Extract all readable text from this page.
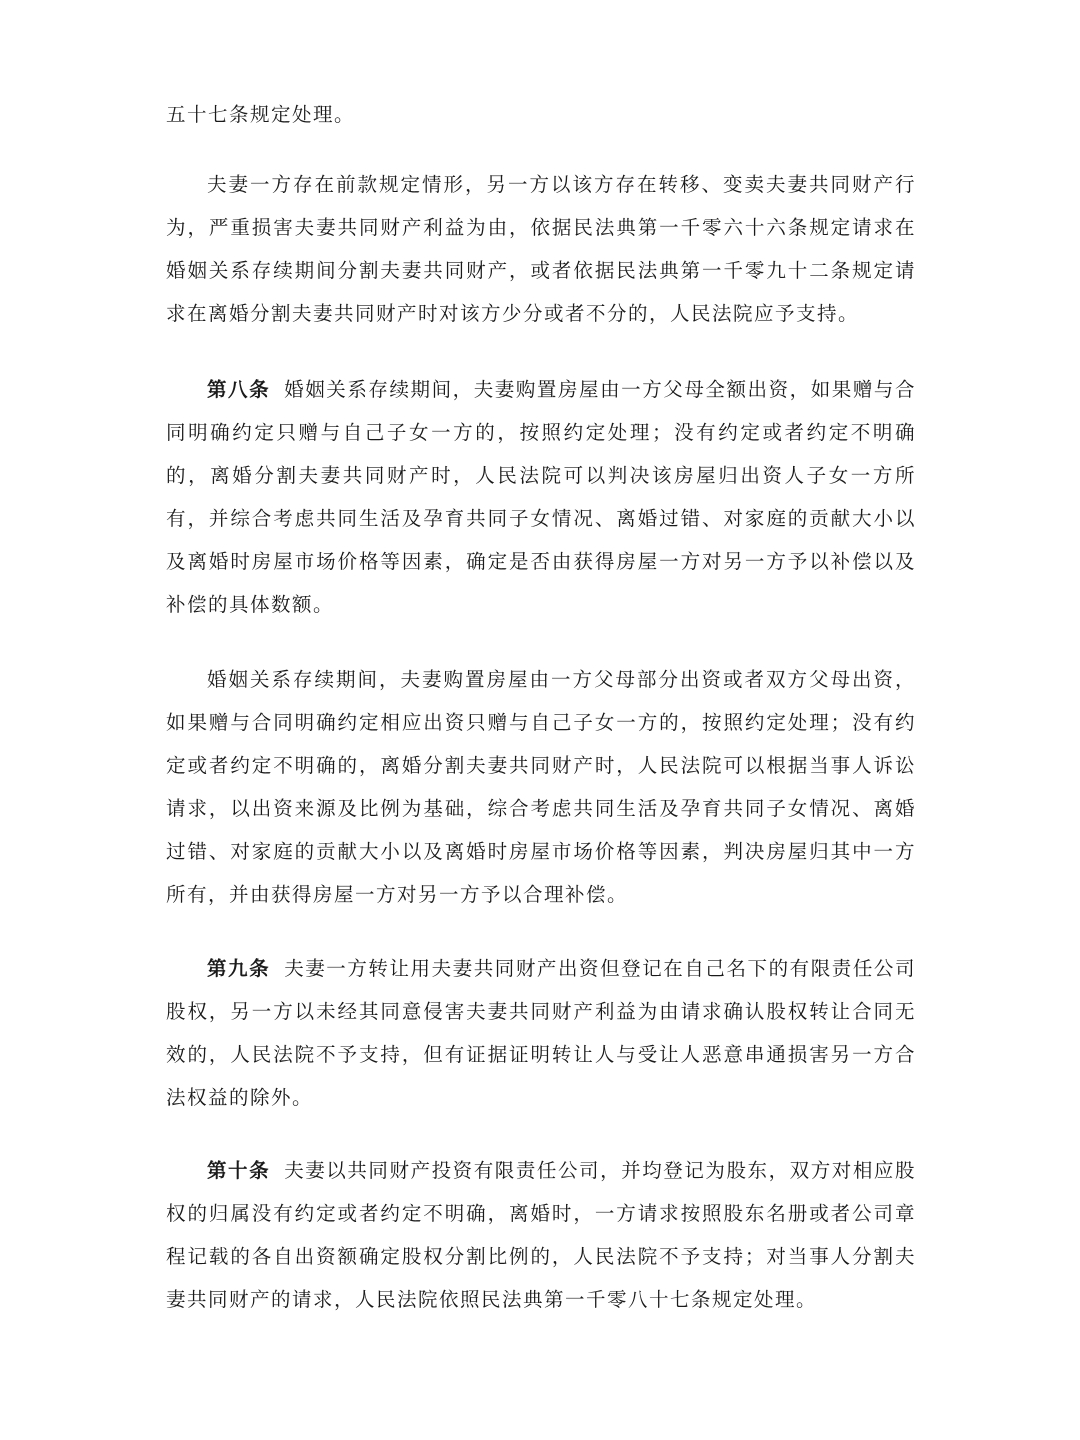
五十七条规定处理。

夫妻一方存在前款规定情形，另一方以该方存在转移、变卖夫妻共同财产行为，严重损害夫妻共同财产利益为由，依据民法典第一千零六十六条规定请求在婚姻关系存续期间分割夫妻共同财产，或者依据民法典第一千零九十二条规定请求在离婚分割夫妻共同财产时对该方少分或者不分的，人民法院应予支持。

第八条 婚姻关系存续期间，夫妻购置房屋由一方父母全额出资，如果赠与合同明确约定只赠与自己子女一方的，按照约定处理；没有约定或者约定不明确的，离婚分割夫妻共同财产时，人民法院可以判决该房屋归出资人子女一方所有，并综合考虑共同生活及孕育共同子女情况、离婚过错、对家庭的贡献大小以及离婚时房屋市场价格等因素，确定是否由获得房屋一方对另一方予以补偿以及补偿的具体数额。

婚姻关系存续期间，夫妻购置房屋由一方父母部分出资或者双方父母出资，如果赠与合同明确约定相应出资只赠与自己子女一方的，按照约定处理；没有约定或者约定不明确的，离婚分割夫妻共同财产时，人民法院可以根据当事人诉讼请求，以出资来源及比例为基础，综合考虑共同生活及孕育共同子女情况、离婚过错、对家庭的贡献大小以及离婚时房屋市场价格等因素，判决房屋归其中一方所有，并由获得房屋一方对另一方予以合理补偿。

第九条 夫妻一方转让用夫妻共同财产出资但登记在自己名下的有限责任公司股权，另一方以未经其同意侵害夫妻共同财产利益为由请求确认股权转让合同无效的，人民法院不予支持，但有证据证明转让人与受让人恶意串通损害另一方合法权益的除外。

第十条 夫妻以共同财产投资有限责任公司，并均登记为股东，双方对相应股权的归属没有约定或者约定不明确，离婚时，一方请求按照股东名册或者公司章程记载的各自出资额确定股权分割比例的，人民法院不予支持；对当事人分割夫妻共同财产的请求，人民法院依照民法典第一千零八十七条规定处理。
